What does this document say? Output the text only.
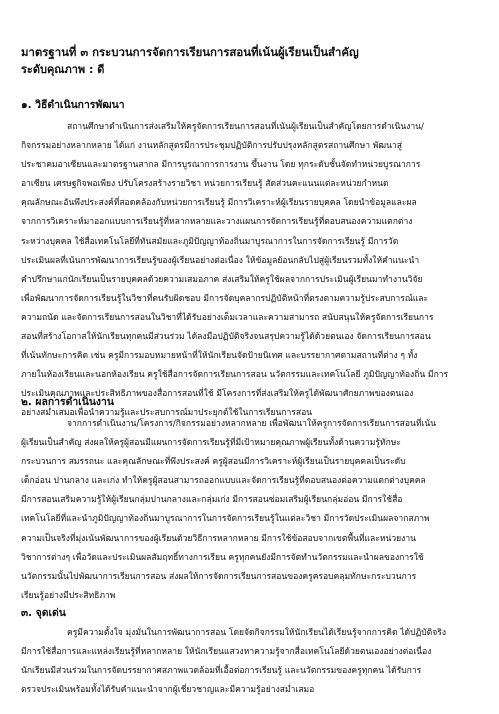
มาตรฐานที่ ๓ กระบวนการจัดการเรียนการสอนที่เน้นผู้เรียนเป็นสำคัญ

ระดับคุณภาพ : ดี

๑. วิธีดำเนินการพัฒนา

สถานศึกษาดำเนินการส่งเสริมให้ครูจัดการเรียนการสอนที่เน้นผู้เรียนเป็นสำคัญโดยการดำเนินงาน/
กิจกรรมอย่างหลากหลาย ได้แก่ งานหลักสูตรมีการประชุมปฏิบัติการปรับปรุงหลักสูตรสถานศึกษา พัฒนาสู่
ประชาคมอาเซียนและมาตรฐานสากล มีการบูรณาการการงาน ขึ้นงาน โดย ทุกระดับชั้นจัดทำหน่วยบูรณาการ
อาเซียน เศรษฐกิจพอเพียง ปรับโครงสร้างรายวิชา หน่วยการเรียนรู้ สัดส่วนคะแนนแต่ละหน่วยกำหนด
คุณลักษณะอันพึงประสงค์ที่สอดคล้องกับหน่วยการเรียนรู้ มีการวิเคราะห์ผู้เรียนรายบุคคล โดยนำข้อมูลและผล
จากการวิเคราะห์มาออกแบบการเรียนรู้ที่หลากหลายและวางแผนการจัดการเรียนรู้ที่ตอบสนองความแตกต่าง
ระหว่างบุคคล ใช้สื่อเทคโนโลยีที่ทันสมัยและภูมิปัญญาท้องถิ่นมาบูรณาการในการจัดการเรียนรู้ มีการวัด
ประเมินผลที่เน้นการพัฒนาการเรียนรู้ของผู้เรียนอย่างต่อเนื่อง ให้ข้อมูลย้อนกลับไปสู่ผู้เรียนรวมทั้งให้คำแนะนำ
คำปรึกษาแก่นักเรียนเป็นรายบุคคลด้วยความเสมอภาค ส่งเสริมให้ครูใช้ผลจากการประเมินผู้เรียนมาทำงานวิจัย
เพื่อพัฒนาการจัดการเรียนรู้ในวิชาที่ตนรับผิดชอบ มีการจัดบุคลากรปฏิบัติหน้าที่ตรงตามความรู้ประสบการณ์และ
ความถนัด และจัดการเรียนการสอนในวิชาที่ได้รับอย่างเต็มเวลาและความสามารถ สนับสนุนให้ครูจัดการเรียนการ
สอนที่สร้างโอกาสให้นักเรียนทุกคนมีส่วนร่วม ได้ลงมือปฏิบัติจริงจนสรุปความรู้ได้ด้วยตนเอง จัดการเรียนการสอน
ที่เน้นทักษะการคิด เช่น ครูมีการมอบหมายหน้าที่ให้นักเรียนจัดป้ายนิเทศ และบรรยากาศตามสถานที่ต่าง ๆ ทั้ง
ภายในห้องเรียนและนอกห้องเรียน ครูใช้สื่อการจัดการเรียนการสอน นวัตกรรมและเทคโนโลยี ภูมิปัญญาท้องถิ่น มีการ
ประเมินคุณภาพและประสิทธิภาพของสื่อการสอนที่ใช้ มีโครงการที่ส่งเสริมให้ครูได้พัฒนาศักยภาพของตนเอง
อย่างสม่ำเสมอเพื่อนำความรู้และประสบการณ์มาประยุกต์ใช้ในการเรียนการสอน

๒. ผลการดำเนินงาน

จากการดำเนินงาน/โครงการ/กิจกรรมอย่างหลากหลาย เพื่อพัฒนาให้ครูการจัดการเรียนการสอนที่เน้น
ผู้เรียนเป็นสำคัญ ส่งผลให้ครูผู้สอนมีแผนการจัดการเรียนรู้ที่มีเป้าหมายคุณภาพผู้เรียนทั้งด้านความรู้ทักษะ
กระบวนการ สมรรถนะ และคุณลักษณะที่พึงประสงค์ ครูผู้สอนมีการวิเคราะห์ผู้เรียนเป็นรายบุคคลเป็นระดับ
เด็กอ่อน ปานกลาง และเก่ง ทำให้ครูผู้สอนสามารถออกแบบและจัดการเรียนรู้ที่ตอบสนองต่อความแตกต่างบุคคล
มีการสอนเสริมความรู้ให้ผู้เรียนกลุ่มปานกลางและกลุ่มเก่ง มีการสอนซ่อมเสริมผู้เรียนกลุ่มอ่อน มีการใช้สื่อ
เทคโนโลยีที่และนำภูมิปัญญาท้องถิ่นมาบูรณาการในการจัดการเรียนรู้ในแต่ละวิชา มีการวัดประเมินผลจากสภาพ
ความเป็นจริงที่มุ่งเน้นพัฒนาการของผู้เรียนด้วยวิธีการหลากหลาย มีการใช้ข้อสอบจากเขตพื้นที่และหน่วยงาน
วิชาการต่างๆ เพื่อวัดและประเมินผลสัมฤทธิ์ทางการเรียน ครูทุกคนยังมีการจัดทำนวัตกรรมและนำผลของการใช้
นวัตกรรมนั้นไปพัฒนาการเรียนการสอน ส่งผลให้การจัดการเรียนการสอนของครูครอบคลุมทักษะกระบวนการ
เรียนรู้อย่างมีประสิทธิภาพ

๓. จุดเด่น

ครูมีความตั้งใจ มุ่งมั่นในการพัฒนาการสอน โดยจัดกิจกรรมให้นักเรียนได้เรียนรู้จากการคิด ได้ปฏิบัติจริง
มีการใช้สื่อการและแหล่งเรียนรู้ที่หลากหลาย ให้นักเรียนแสวงหาความรู้จากสื่อเทคโนโลยีด้วยตนเองอย่างต่อเนื่อง
นักเรียนมีส่วนร่วมในการจัดบรรยากาศสภาพแวดล้อมที่เอื้อต่อการเรียนรู้ และนวัตกรรมของครูทุกคน ได้รับการ
ตรวจประเมินพร้อมทั้งได้รับคำแนะนำจากผู้เชี่ยวชาญและมีความรู้อย่างสม่ำเสมอ
